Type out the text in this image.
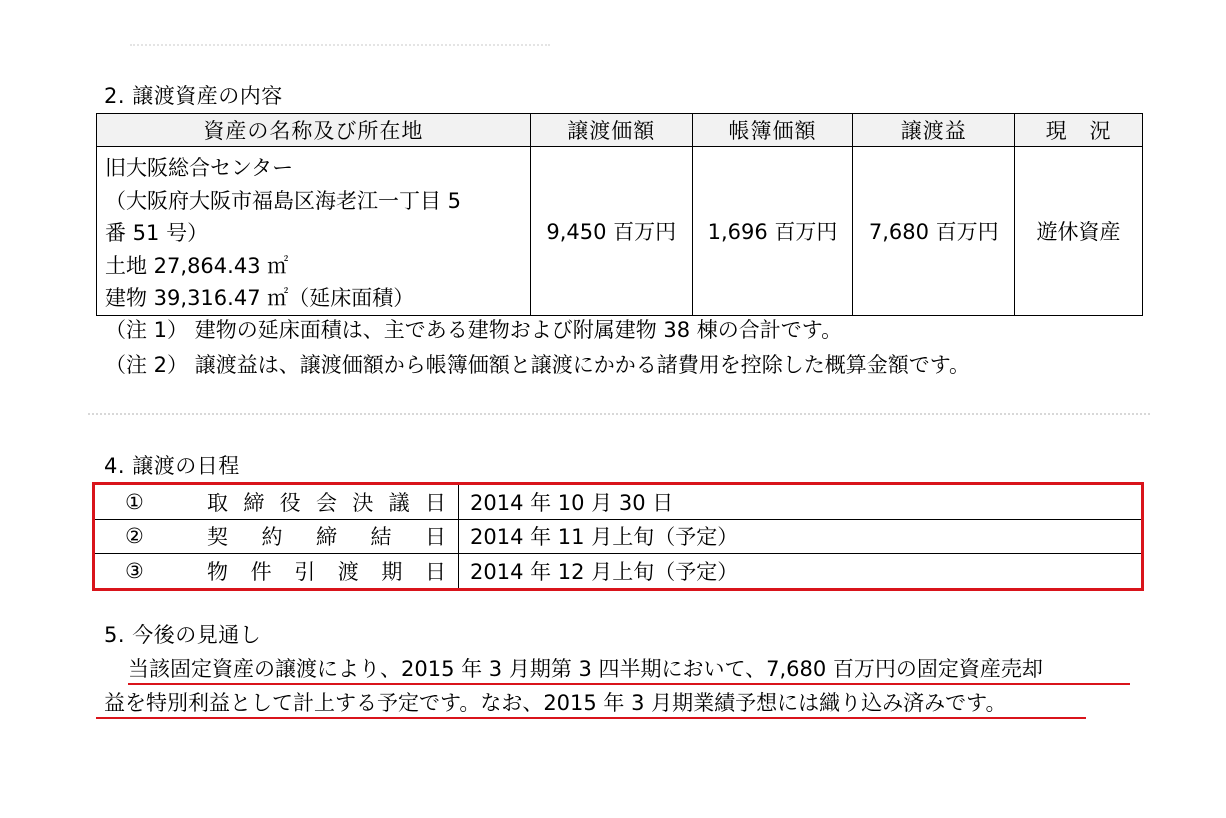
2. 譲渡資産の内容
資産の名称及び所在地	譲渡価額	帳簿価額	譲渡益	現　況

旧大阪総合センター
（大阪府大阪市福島区海老江一丁目 5
番 51 号）
土地 27,864.43 ㎡
建物 39,316.47 ㎡（延床面積）	9,450 百万円	1,696 百万円	7,680 百万円	遊休資産
（注 1） 建物の延床面積は、主である建物および附属建物 38 棟の合計です。
（注 2） 譲渡益は、譲渡価額から帳簿価額と譲渡にかかる諸費用を控除した概算金額です。
4. 譲渡の日程
① 取締役会決議日	2014 年 10 月 30 日

② 契約締結日	2014 年 11 月上旬（予定）

③ 物件引渡期日	2014 年 12 月上旬（予定）
5. 今後の見通し
当該固定資産の譲渡により、2015 年 3 月期第 3 四半期において、7,680 百万円の固定資産売却
益を特別利益として計上する予定です。なお、2015 年 3 月期業績予想には織り込み済みです。
